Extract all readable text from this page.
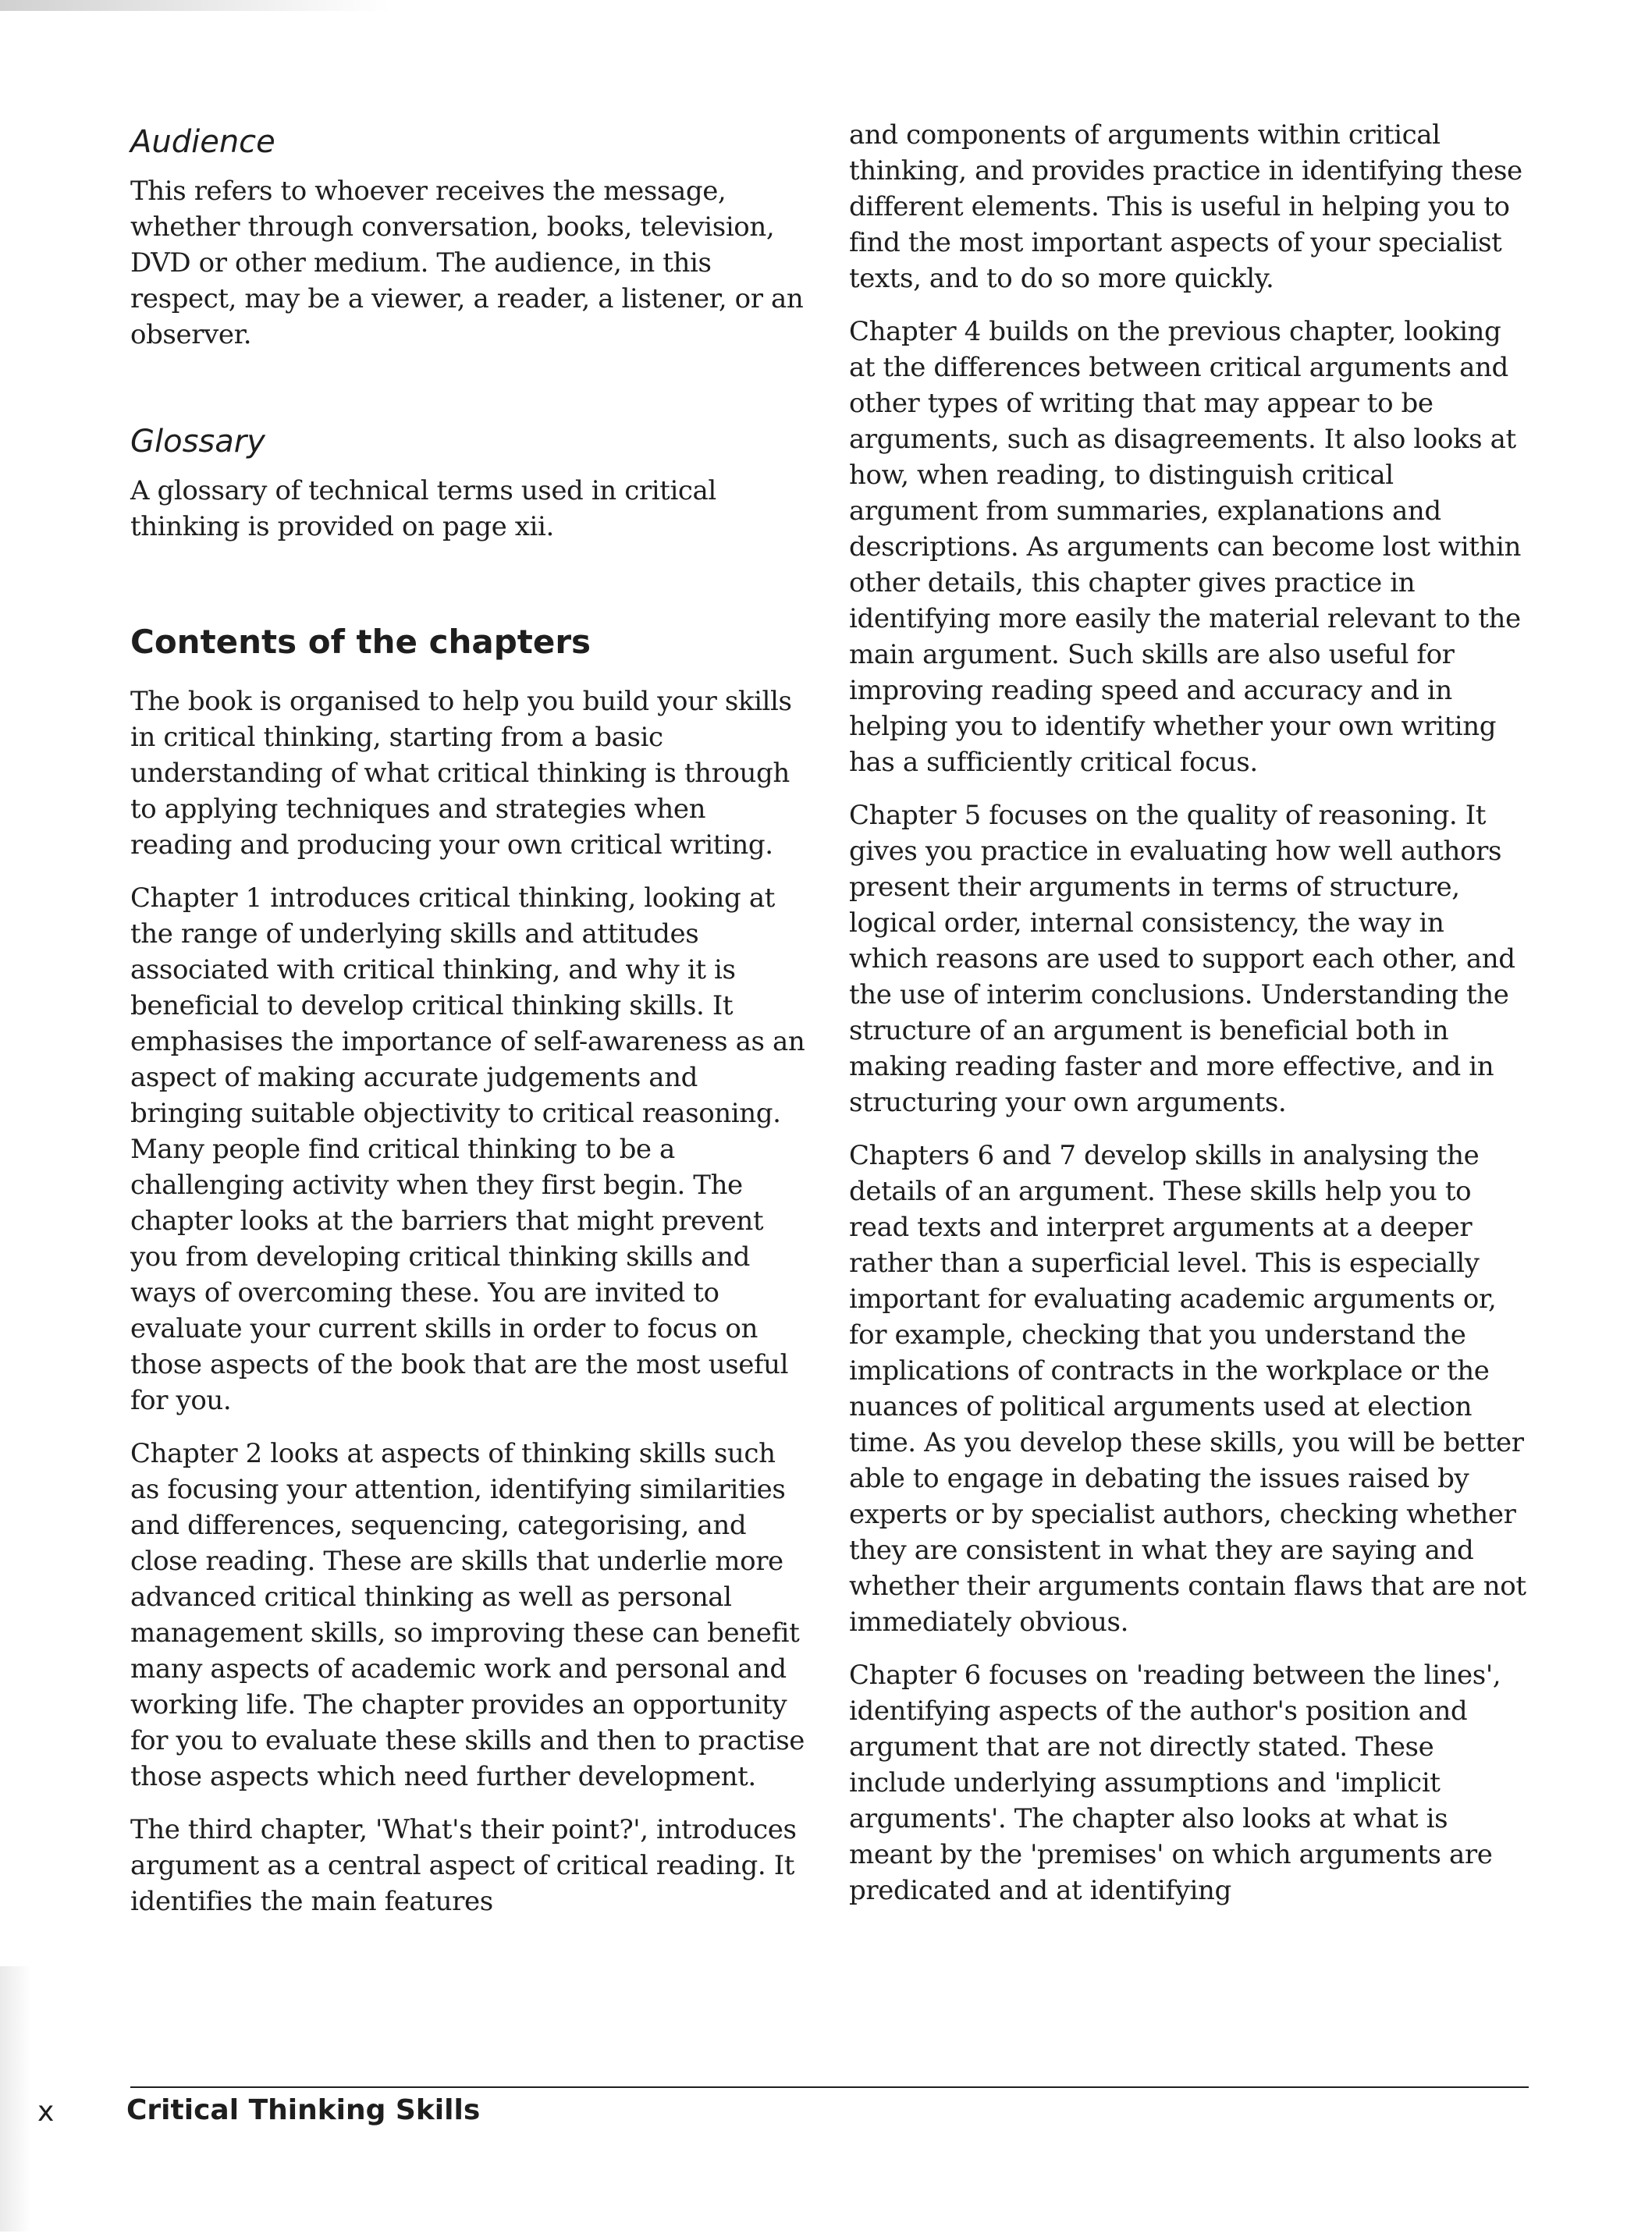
Audience

This refers to whoever receives the message, whether through conversation, books, television, DVD or other medium. The audience, in this respect, may be a viewer, a reader, a listener, or an observer.

Glossary

A glossary of technical terms used in critical thinking is provided on page xii.

Contents of the chapters

The book is organised to help you build your skills in critical thinking, starting from a basic understanding of what critical thinking is through to applying techniques and strategies when reading and producing your own critical writing.

Chapter 1 introduces critical thinking, looking at the range of underlying skills and attitudes associated with critical thinking, and why it is beneficial to develop critical thinking skills. It emphasises the importance of self-awareness as an aspect of making accurate judgements and bringing suitable objectivity to critical reasoning. Many people find critical thinking to be a challenging activity when they first begin. The chapter looks at the barriers that might prevent you from developing critical thinking skills and ways of overcoming these. You are invited to evaluate your current skills in order to focus on those aspects of the book that are the most useful for you.

Chapter 2 looks at aspects of thinking skills such as focusing your attention, identifying similarities and differences, sequencing, categorising, and close reading. These are skills that underlie more advanced critical thinking as well as personal management skills, so improving these can benefit many aspects of academic work and personal and working life. The chapter provides an opportunity for you to evaluate these skills and then to practise those aspects which need further development.

The third chapter, 'What's their point?', introduces argument as a central aspect of critical reading. It identifies the main features

and components of arguments within critical thinking, and provides practice in identifying these different elements. This is useful in helping you to find the most important aspects of your specialist texts, and to do so more quickly.

Chapter 4 builds on the previous chapter, looking at the differences between critical arguments and other types of writing that may appear to be arguments, such as disagreements. It also looks at how, when reading, to distinguish critical argument from summaries, explanations and descriptions. As arguments can become lost within other details, this chapter gives practice in identifying more easily the material relevant to the main argument. Such skills are also useful for improving reading speed and accuracy and in helping you to identify whether your own writing has a sufficiently critical focus.

Chapter 5 focuses on the quality of reasoning. It gives you practice in evaluating how well authors present their arguments in terms of structure, logical order, internal consistency, the way in which reasons are used to support each other, and the use of interim conclusions. Understanding the structure of an argument is beneficial both in making reading faster and more effective, and in structuring your own arguments.

Chapters 6 and 7 develop skills in analysing the details of an argument. These skills help you to read texts and interpret arguments at a deeper rather than a superficial level. This is especially important for evaluating academic arguments or, for example, checking that you understand the implications of contracts in the workplace or the nuances of political arguments used at election time. As you develop these skills, you will be better able to engage in debating the issues raised by experts or by specialist authors, checking whether they are consistent in what they are saying and whether their arguments contain flaws that are not immediately obvious.

Chapter 6 focuses on 'reading between the lines', identifying aspects of the author's position and argument that are not directly stated. These include underlying assumptions and 'implicit arguments'. The chapter also looks at what is meant by the 'premises' on which arguments are predicated and at identifying

x	Critical Thinking Skills
